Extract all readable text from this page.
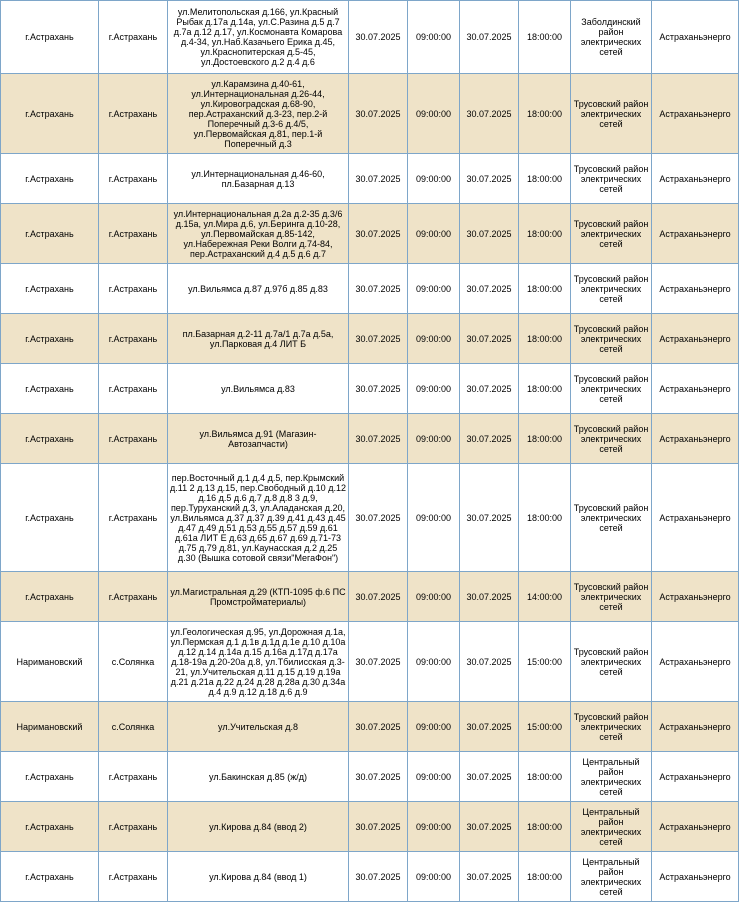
г.Астрахань	г.Астрахань	ул.Мелитопольская д.166, ул.Красный Рыбак д.17а д.14а, ул.С.Разина д.5 д.7 д.7а д.12 д.17, ул.Космонавта Комарова д.4-34, ул.Наб.Казачьего Ерика д.45, ул.Краснопитерская д.5-45, ул.Достоевского д.2 д.4 д.6	30.07.2025	09:00:00	30.07.2025	18:00:00	Заболдинский район электрических сетей	Астраханьэнерго
г.Астрахань	г.Астрахань	ул.Карамзина д.40-61, ул.Интернациональная д.26-44, ул.Кировоградская д.68-90, пер.Астраханский д.3-23, пер.2-й Поперечный д.3-6 д.4/5, ул.Первомайская д.81, пер.1-й Поперечный д.3	30.07.2025	09:00:00	30.07.2025	18:00:00	Трусовский район электрических сетей	Астраханьэнерго
г.Астрахань	г.Астрахань	ул.Интернациональная д.46-60, пл.Базарная д.13	30.07.2025	09:00:00	30.07.2025	18:00:00	Трусовский район электрических сетей	Астраханьэнерго
г.Астрахань	г.Астрахань	ул.Интернациональная д.2а д.2-35 д.3/6 д.15а, ул.Мира д.6, ул.Беринга д.10-28, ул.Первомайская д.85-142, ул.Набережная Реки Волги д.74-84, пер.Астраханский д.4 д.5 д.6 д.7	30.07.2025	09:00:00	30.07.2025	18:00:00	Трусовский район электрических сетей	Астраханьэнерго
г.Астрахань	г.Астрахань	ул.Вильямса д.87 д.97б д.85 д.83	30.07.2025	09:00:00	30.07.2025	18:00:00	Трусовский район электрических сетей	Астраханьэнерго
г.Астрахань	г.Астрахань	пл.Базарная д.2-11 д.7а/1 д.7а д.5а, ул.Парковая д.4 ЛИТ Б	30.07.2025	09:00:00	30.07.2025	18:00:00	Трусовский район электрических сетей	Астраханьэнерго
г.Астрахань	г.Астрахань	ул.Вильямса д.83	30.07.2025	09:00:00	30.07.2025	18:00:00	Трусовский район электрических сетей	Астраханьэнерго
г.Астрахань	г.Астрахань	ул.Вильямса д.91 (Магазин-Автозапчасти)	30.07.2025	09:00:00	30.07.2025	18:00:00	Трусовский район электрических сетей	Астраханьэнерго
г.Астрахань	г.Астрахань	пер.Восточный д.1 д.4 д.5, пер.Крымский д.11 2 д.13 д.15, пер.Свободный д.10 д.12 д.16 д.5 д.6 д.7 д.8 д.8 3 д.9, пер.Туруханский д.3, ул.Аладанская д.20, ул.Вильямса д.37 д.37 д.39 д.41 д.43 д.45 д.47 д.49 д.51 д.53 д.55 д.57 д.59 д.61 д.61а ЛИТ Е д.63 д.65 д.67 д.69 д.71-73 д.75 д.79 д.81, ул.Каунасская д.2 д.25 д.30 (Вышка сотовой связи"МегаФон")	30.07.2025	09:00:00	30.07.2025	18:00:00	Трусовский район электрических сетей	Астраханьэнерго
г.Астрахань	г.Астрахань	ул.Магистральная д.29 (КТП-1095 ф.6 ПС Промстройматериалы)	30.07.2025	09:00:00	30.07.2025	14:00:00	Трусовский район электрических сетей	Астраханьэнерго
Наримановский	с.Солянка	ул.Геологическая д.95, ул.Дорожная д.1а, ул.Пермская д.1 д.1в д.1д д.1е д.10 д.10а д.12 д.14 д.14а д.15 д.16а д.17д д.17а д.18-19а д.20-20а д.8, ул.Тбилисская д.3-21, ул.Учительская д.11 д.15 д.19 д.19а д.21 д.21а д.22 д.24 д.28 д.28а д.30 д.34а д.4 д.9 д.12 д.18 д.6 д.9	30.07.2025	09:00:00	30.07.2025	15:00:00	Трусовский район электрических сетей	Астраханьэнерго
Наримановский	с.Солянка	ул.Учительская д.8	30.07.2025	09:00:00	30.07.2025	15:00:00	Трусовский район электрических сетей	Астраханьэнерго
г.Астрахань	г.Астрахань	ул.Бакинская д.85 (ж/д)	30.07.2025	09:00:00	30.07.2025	18:00:00	Центральный район электрических сетей	Астраханьэнерго
г.Астрахань	г.Астрахань	ул.Кирова д.84 (ввод 2)	30.07.2025	09:00:00	30.07.2025	18:00:00	Центральный район электрических сетей	Астраханьэнерго
г.Астрахань	г.Астрахань	ул.Кирова д.84 (ввод 1)	30.07.2025	09:00:00	30.07.2025	18:00:00	Центральный район электрических сетей	Астраханьэнерго
